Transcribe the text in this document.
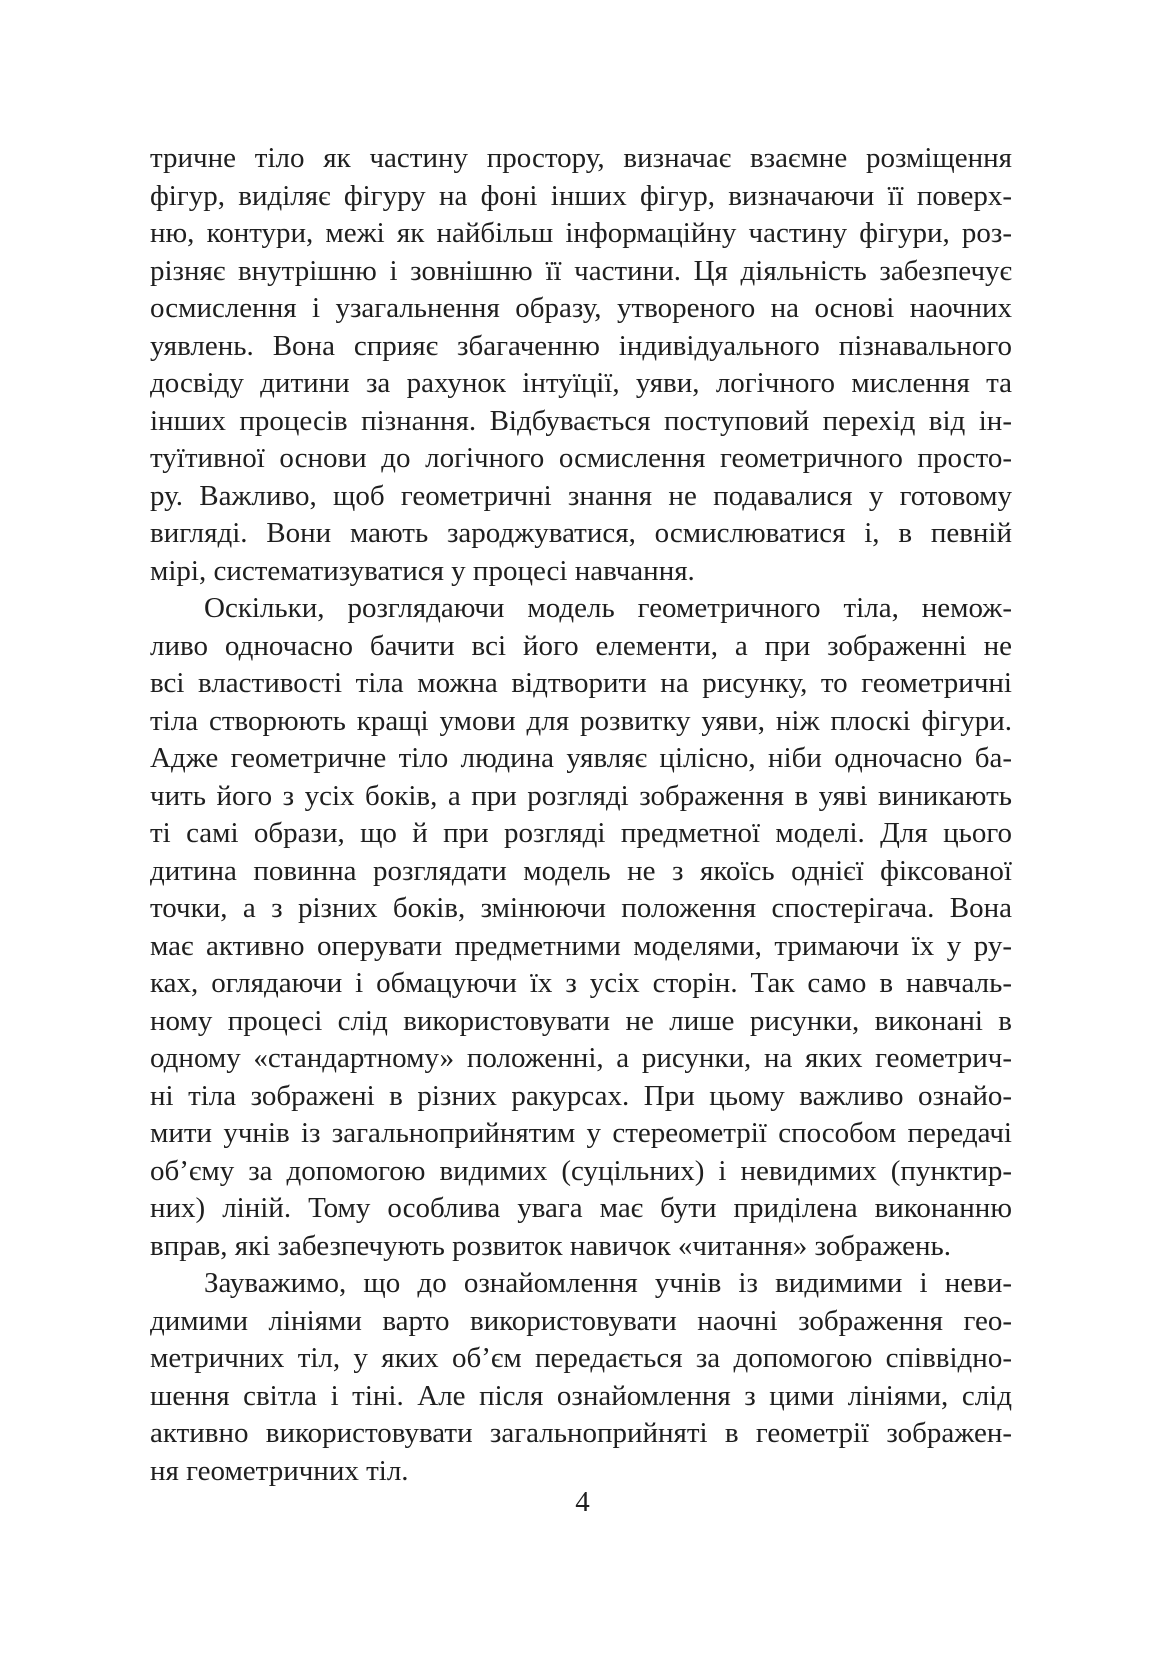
тричне тіло як частину простору, визначає взаємне розміщення
фігур, виділяє фігуру на фоні інших фігур, визначаючи її поверх-
ню, контури, межі як найбільш інформаційну частину фігури, роз-
різняє внутрішню і зовнішню її частини. Ця діяльність забезпечує
осмислення і узагальнення образу, утвореного на основі наочних
уявлень. Вона сприяє збагаченню індивідуального пізнавального
досвіду дитини за рахунок інтуїції, уяви, логічного мислення та
інших процесів пізнання. Відбувається поступовий перехід від ін-
туїтивної основи до логічного осмислення геометричного просто-
ру. Важливо, щоб геометричні знання не подавалися у готовому
вигляді. Вони мають зароджуватися, осмислюватися і, в певній
мірі, систематизуватися у процесі навчання.
Оскільки, розглядаючи модель геометричного тіла, немож-
ливо одночасно бачити всі його елементи, а при зображенні не
всі властивості тіла можна відтворити на рисунку, то геометричні
тіла створюють кращі умови для розвитку уяви, ніж плоскі фігури.
Адже геометричне тіло людина уявляє цілісно, ніби одночасно ба-
чить його з усіх боків, а при розгляді зображення в уяві виникають
ті самі образи, що й при розгляді предметної моделі. Для цього
дитина повинна розглядати модель не з якоїсь однієї фіксованої
точки, а з різних боків, змінюючи положення спостерігача. Вона
має активно оперувати предметними моделями, тримаючи їх у ру-
ках, оглядаючи і обмацуючи їх з усіх сторін. Так само в навчаль-
ному процесі слід використовувати не лише рисунки, виконані в
одному «стандартному» положенні, а рисунки, на яких геометрич-
ні тіла зображені в різних ракурсах. При цьому важливо ознайо-
мити учнів із загальноприйнятим у стереометрії способом передачі
об’єму за допомогою видимих (суцільних) і невидимих (пунктир-
них) ліній. Тому особлива увага має бути приділена виконанню
вправ, які забезпечують розвиток навичок «читання» зображень.
Зауважимо, що до ознайомлення учнів із видимими і неви-
димими лініями варто використовувати наочні зображення гео-
метричних тіл, у яких об’єм передається за допомогою співвідно-
шення світла і тіні. Але після ознайомлення з цими лініями, слід
активно використовувати загальноприйняті в геометрії зображен-
ня геометричних тіл.
4
